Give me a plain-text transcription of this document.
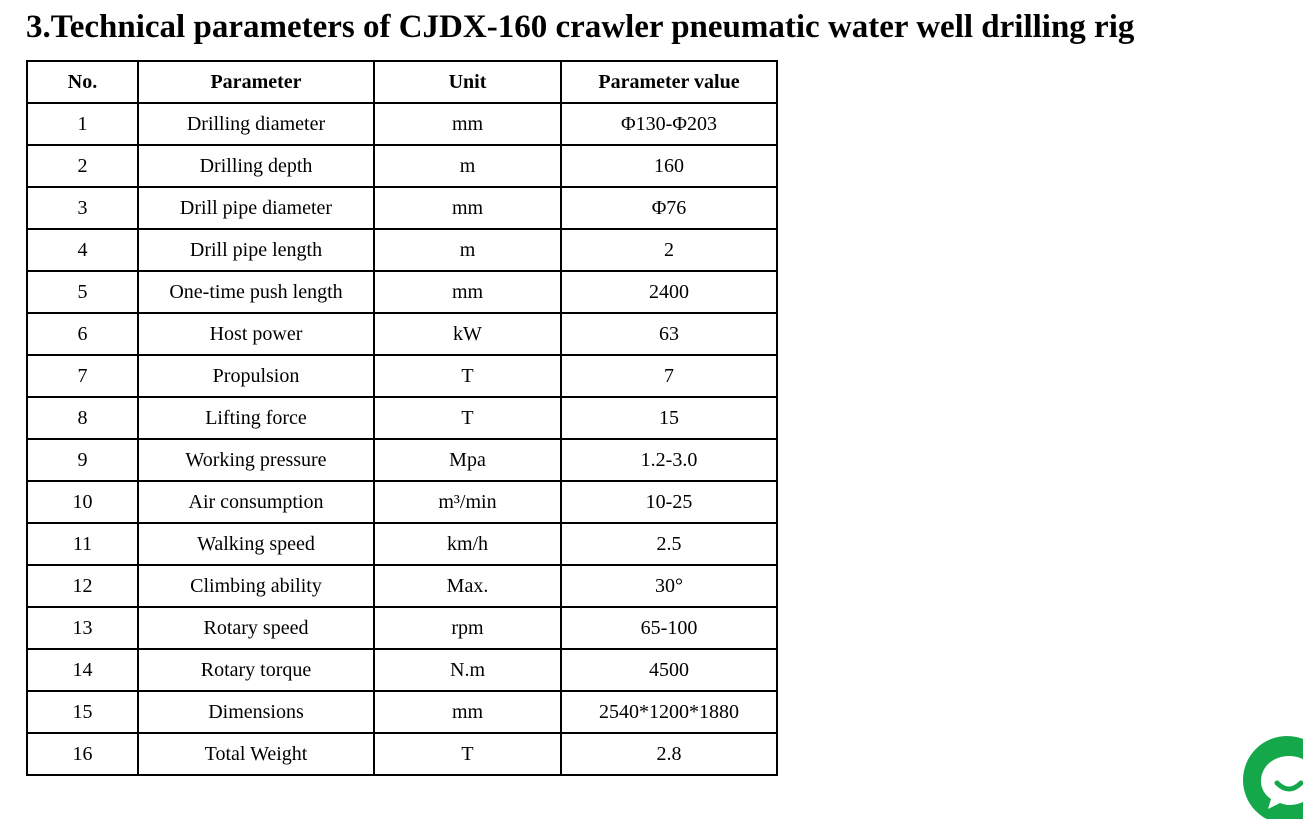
3.Technical parameters of CJDX-160 crawler pneumatic water well drilling rig
No.	Parameter	Unit	Parameter value
1	Drilling diameter	mm	Φ130-Φ203
2	Drilling depth	m	160
3	Drill pipe diameter	mm	Φ76
4	Drill pipe length	m	2
5	One-time push length	mm	2400
6	Host power	kW	63
7	Propulsion	T	7
8	Lifting force	T	15
9	Working pressure	Mpa	1.2-3.0
10	Air consumption	m³/min	10-25
11	Walking speed	km/h	2.5
12	Climbing ability	Max.	30°
13	Rotary speed	rpm	65-100
14	Rotary torque	N.m	4500
15	Dimensions	mm	2540*1200*1880
16	Total Weight	T	2.8
